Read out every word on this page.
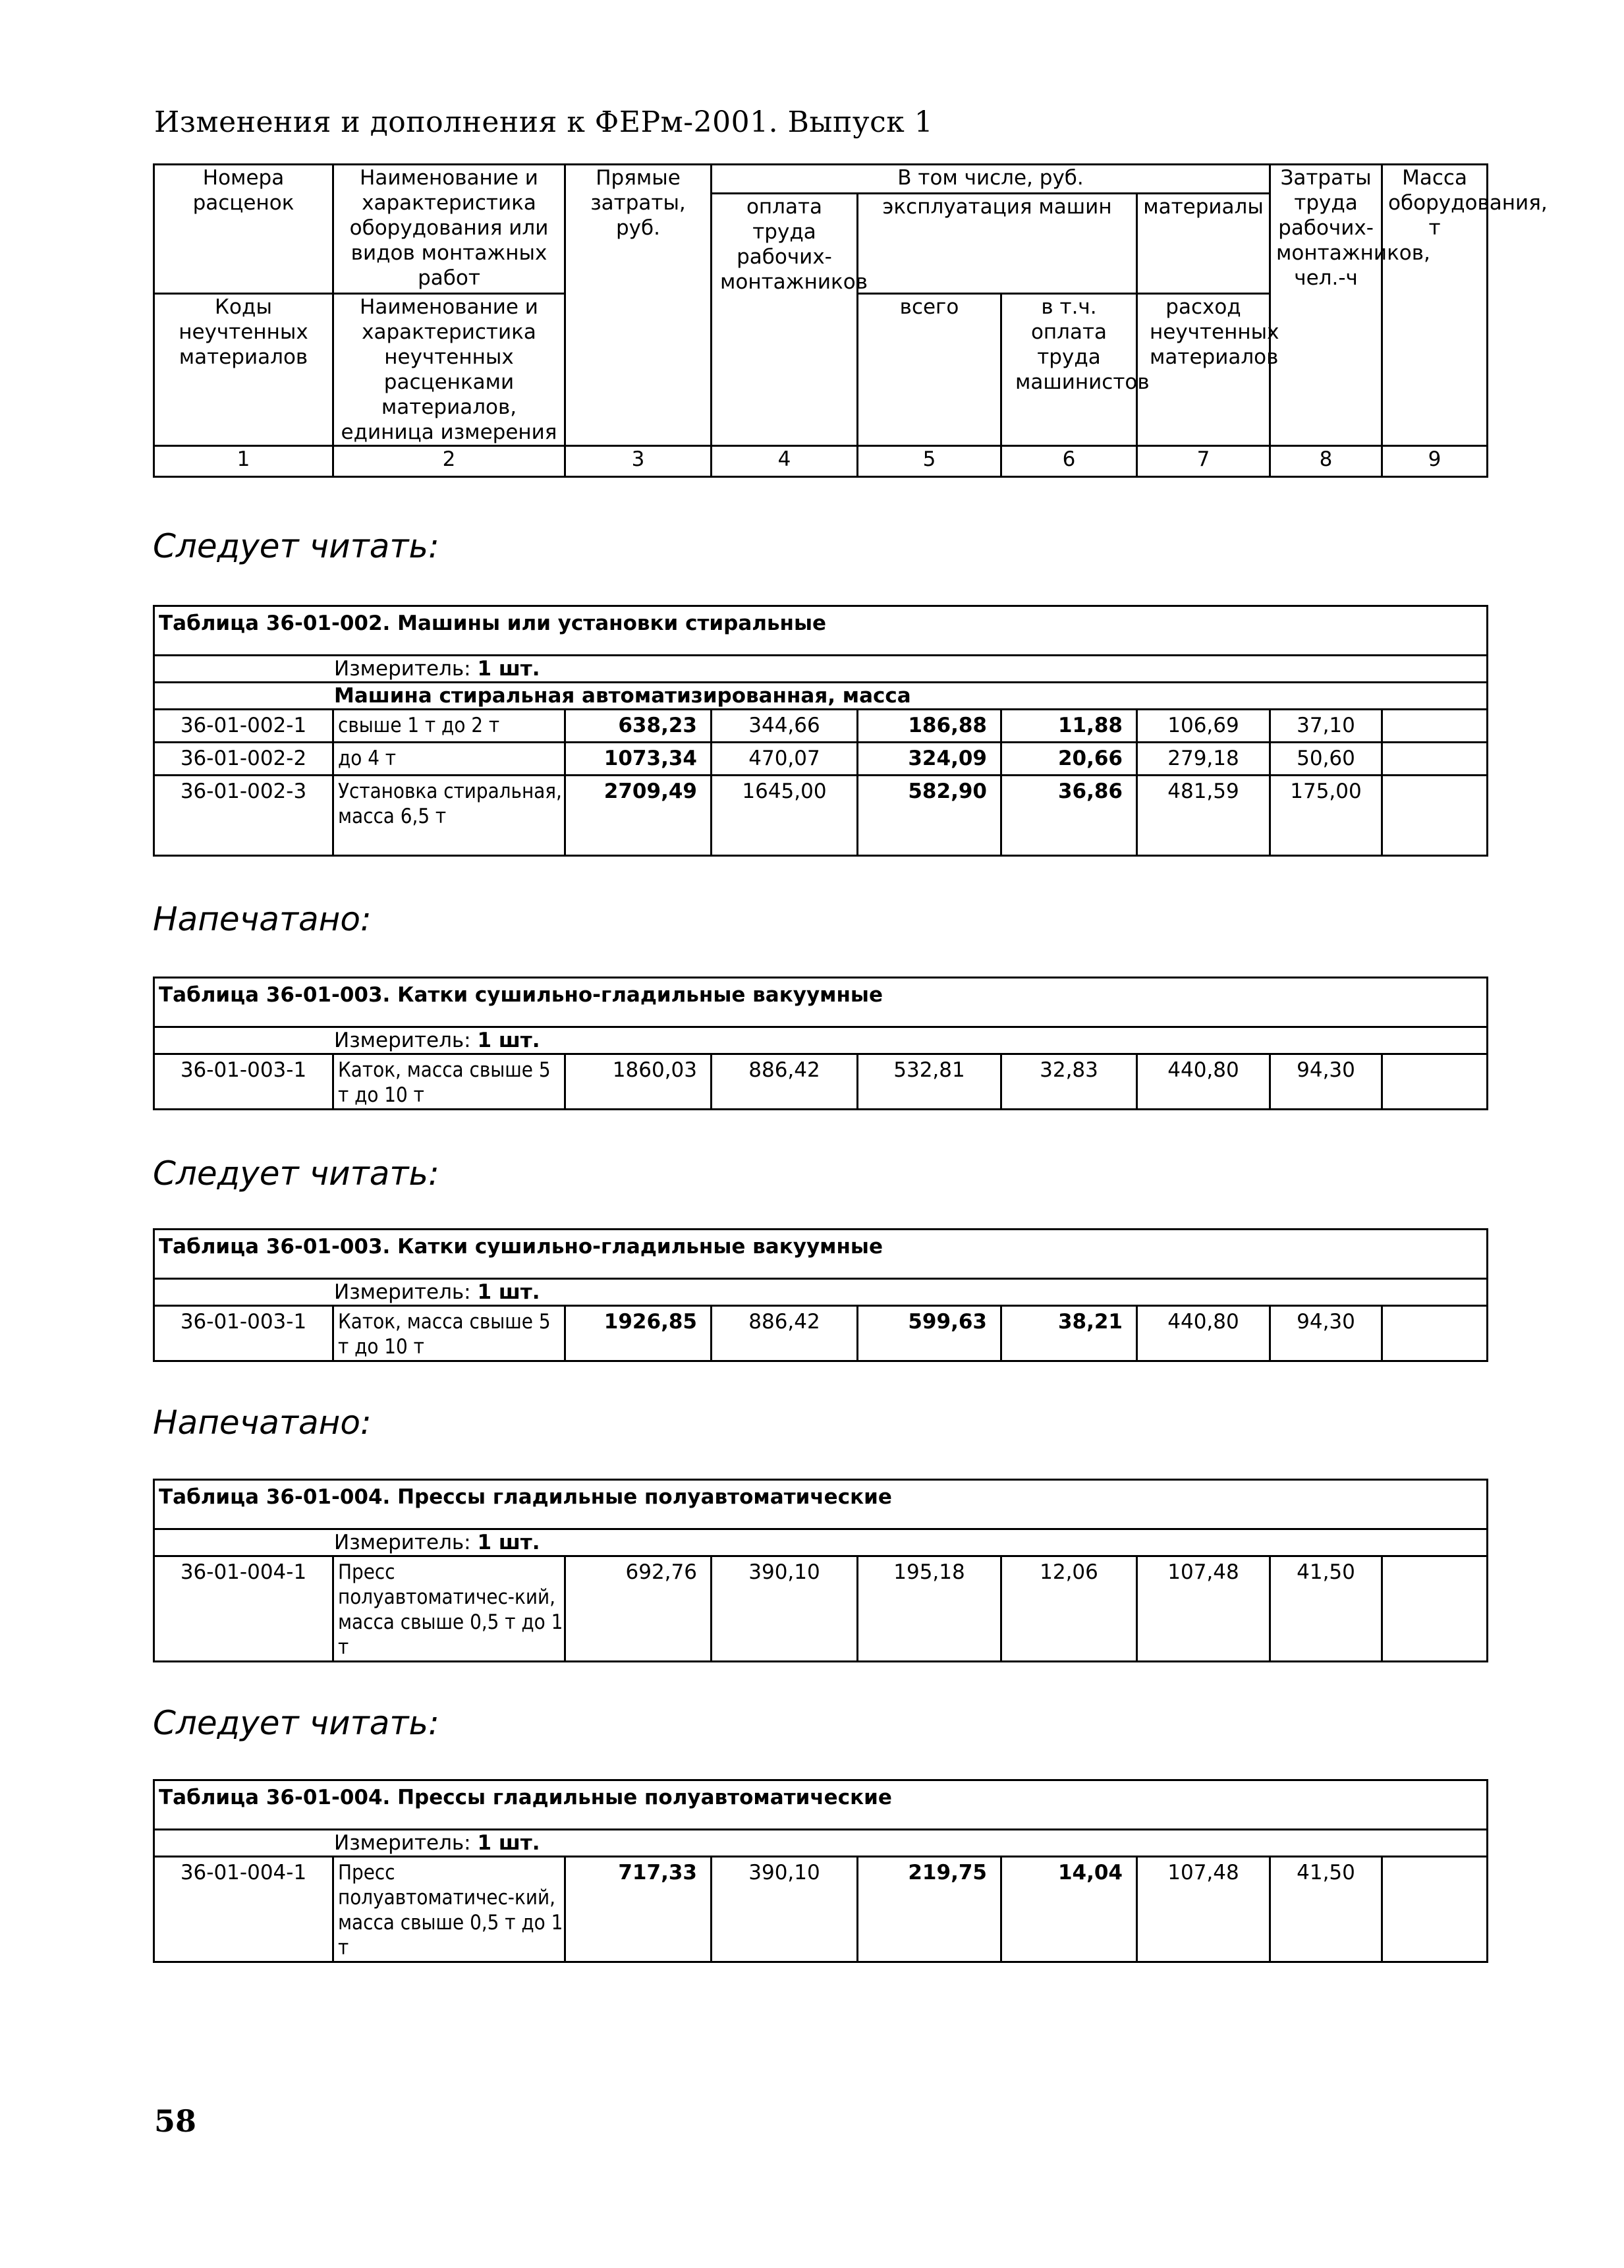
Изменения и дополнения к ФЕРм-2001. Выпуск 1
Номера расценок	Наименование и характеристика оборудования или видов монтажных работ	Прямые затраты, руб.	В том числе, руб.				Затраты труда рабочих-монтажников, чел.-ч	Масса оборудования, т
			оплата труда рабочих-монтажников	эксплуатация машин		материалы		
Коды неучтенных материалов	Наименование и характеристика неучтенных расценками материалов, единица измерения			всего	в т.ч. оплата труда машинистов	расход неучтенных материалов		

1	2	3	4	5	6	7	8	9
Следует читать:
Таблица 36-01-002. Машины или установки стиральные								
Измеритель: 1 шт.								
Машина стиральная автоматизированная, масса								
36-01-002-1	свыше 1 т до 2 т	638,23	344,66	186,88	11,88	106,69	37,10	
36-01-002-2	до 4 т	1073,34	470,07	324,09	20,66	279,18	50,60	
36-01-002-3	Установка стиральная, масса 6,5 т	2709,49	1645,00	582,90	36,86	481,59	175,00	
Напечатано:
Таблица 36-01-003. Катки сушильно-гладильные вакуумные
Измеритель: 1 шт.
36-01-003-1	Каток, масса свыше 5 т до 10 т	1860,03	886,42	532,81	32,83	440,80	94,30	
Следует читать:
Таблица 36-01-003. Катки сушильно-гладильные вакуумные
Измеритель: 1 шт.
36-01-003-1	Каток, масса свыше 5 т до 10 т	1926,85	886,42	599,63	38,21	440,80	94,30	
Напечатано:
Таблица 36-01-004. Прессы гладильные полуавтоматические
Измеритель: 1 шт.
36-01-004-1	Пресс полуавтоматичес-кий, масса свыше 0,5 т до 1 т	692,76	390,10	195,18	12,06	107,48	41,50	
Следует читать:
Таблица 36-01-004. Прессы гладильные полуавтоматические
Измеритель: 1 шт.
36-01-004-1	Пресс полуавтоматичес-кий, масса свыше 0,5 т до 1 т	717,33	390,10	219,75	14,04	107,48	41,50	
58
